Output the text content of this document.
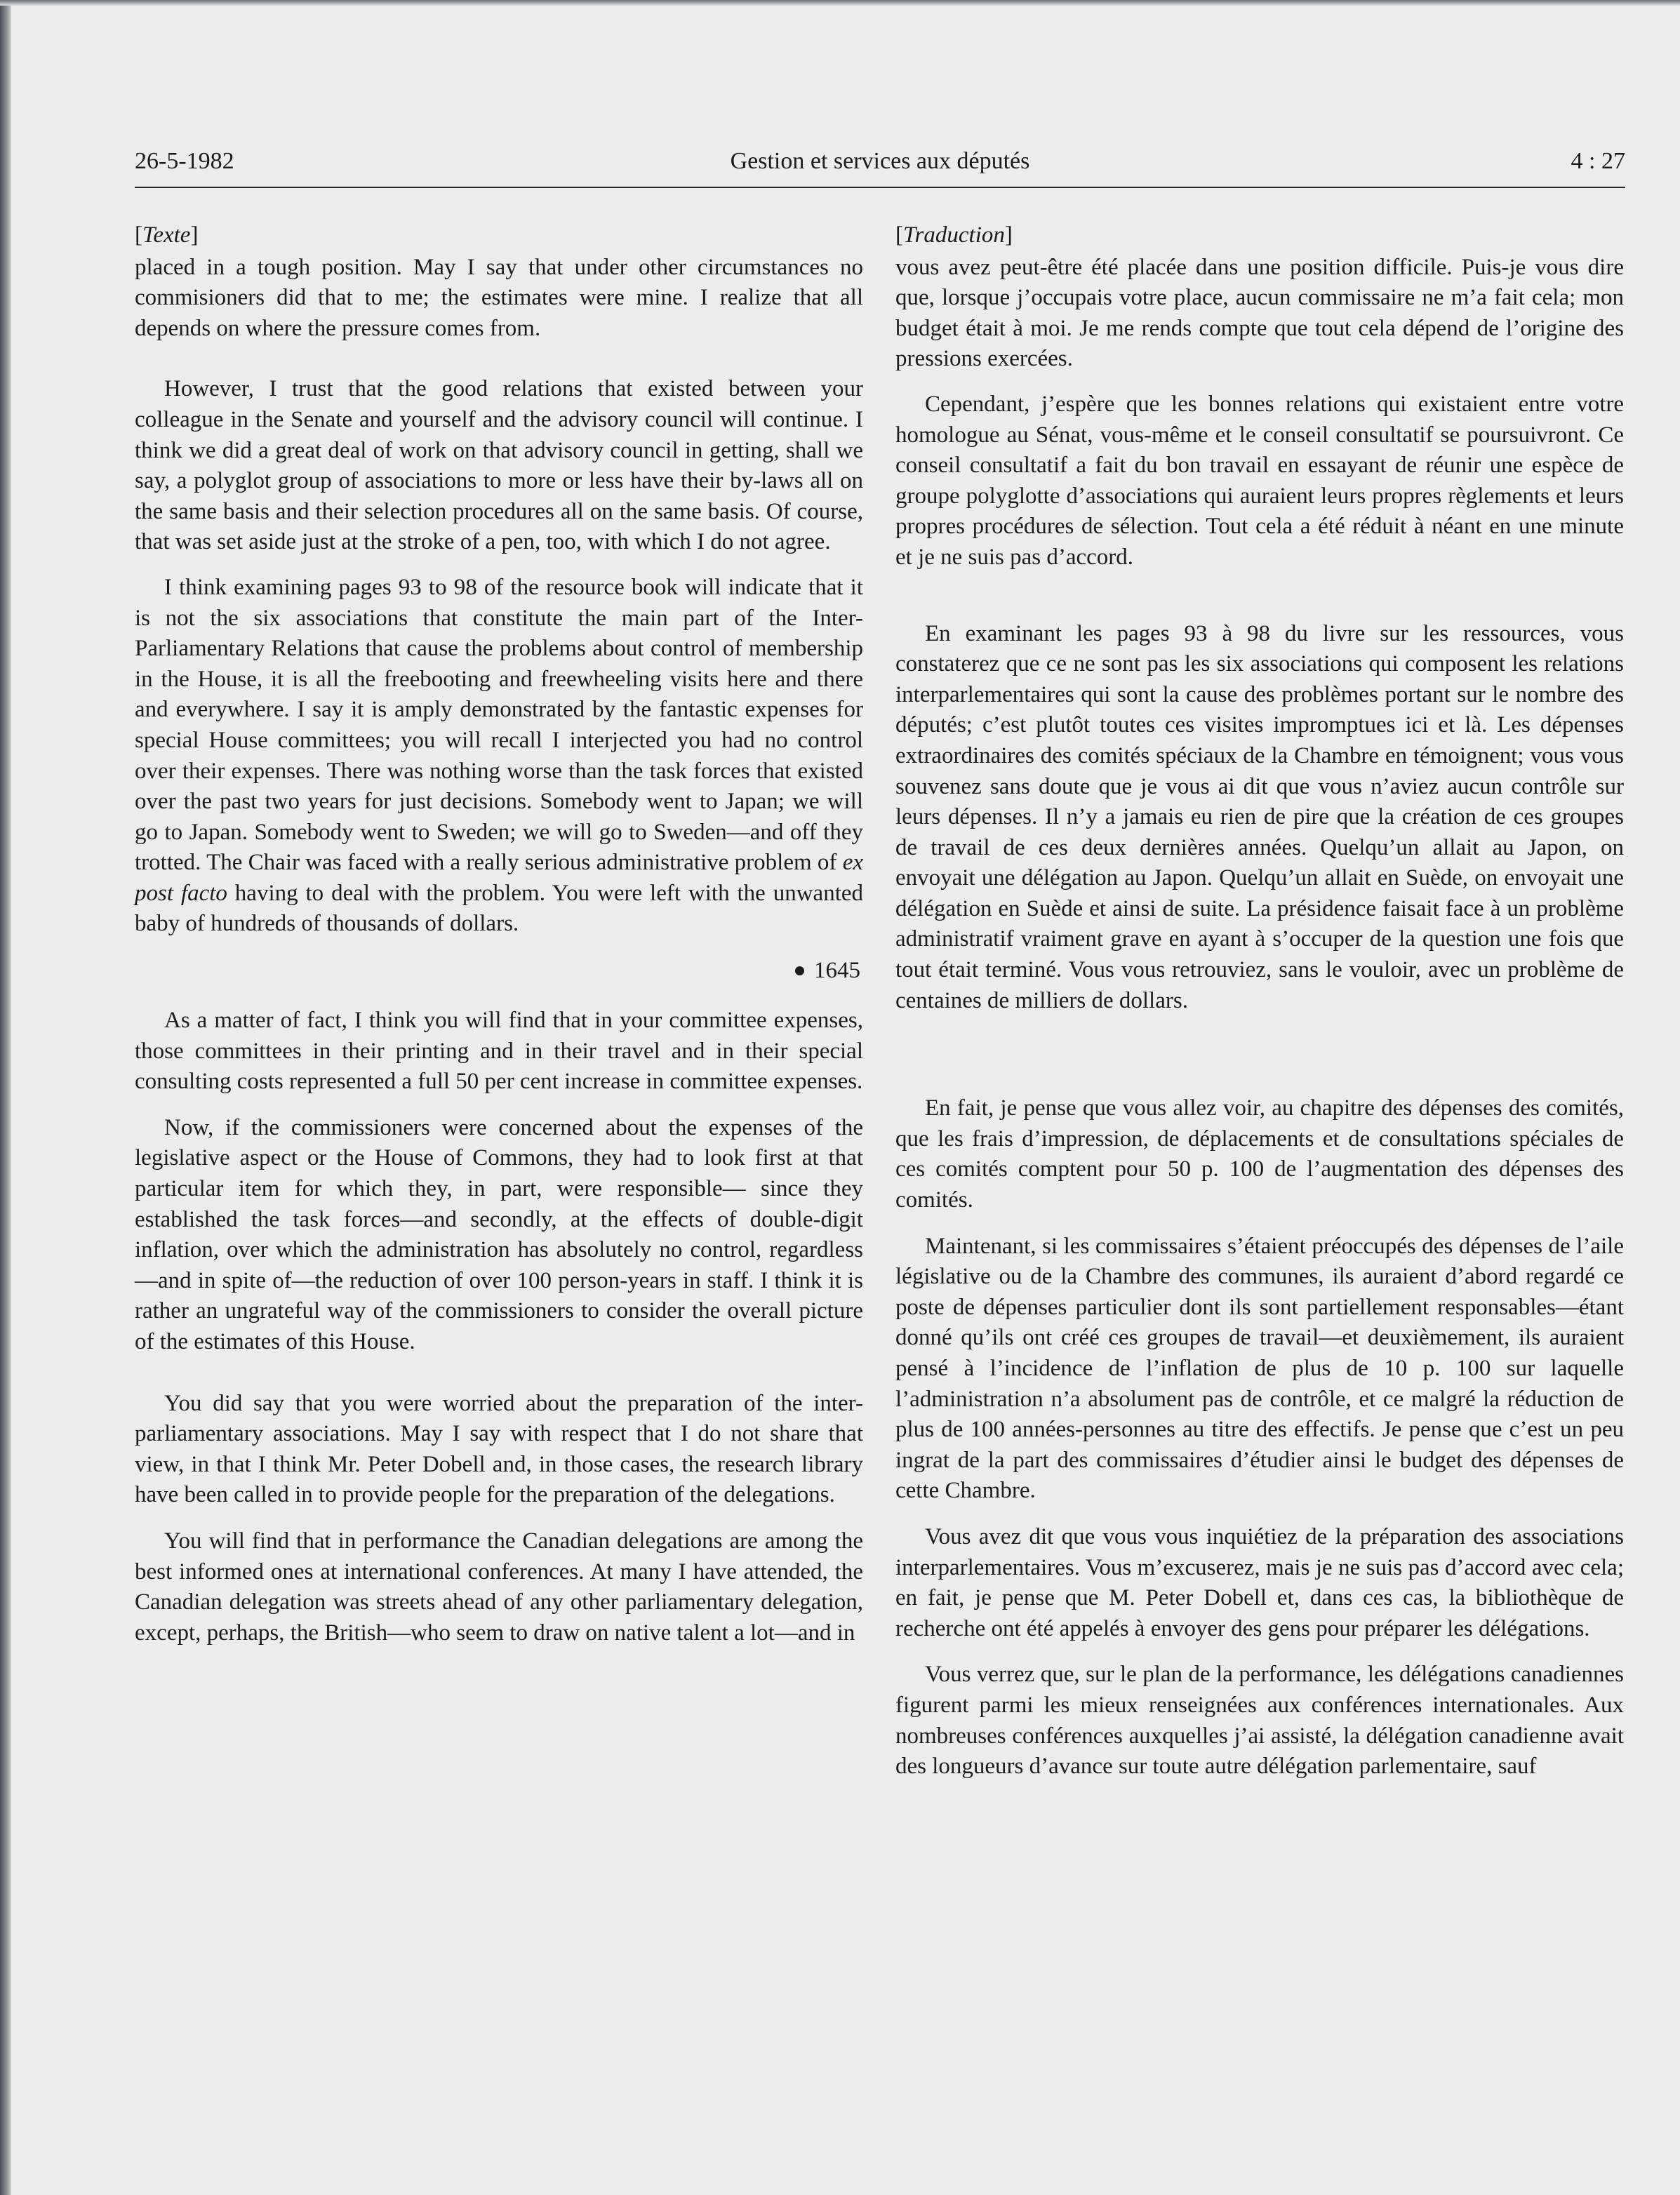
26-5-1982	Gestion et services aux députés	4 : 27
[Texte]

placed in a tough position. May I say that under other circumstances no commisioners did that to me; the estimates were mine. I realize that all depends on where the pressure comes from.

However, I trust that the good relations that existed between your colleague in the Senate and yourself and the advisory council will continue. I think we did a great deal of work on that advisory council in getting, shall we say, a polyglot group of associations to more or less have their by-laws all on the same basis and their selection procedures all on the same basis. Of course, that was set aside just at the stroke of a pen, too, with which I do not agree.

I think examining pages 93 to 98 of the resource book will indicate that it is not the six associations that constitute the main part of the Inter-Parliamentary Relations that cause the problems about control of membership in the House, it is all the freebooting and freewheeling visits here and there and everywhere. I say it is amply demonstrated by the fantastic expenses for special House committees; you will recall I interjected you had no control over their expenses. There was nothing worse than the task forces that existed over the past two years for just decisions. Somebody went to Japan; we will go to Japan. Somebody went to Sweden; we will go to Sweden—and off they trotted. The Chair was faced with a really serious administrative problem of ex post facto having to deal with the problem. You were left with the unwanted baby of hundreds of thousands of dollars.

1645

As a matter of fact, I think you will find that in your committee expenses, those committees in their printing and in their travel and in their special consulting costs represented a full 50 per cent increase in committee expenses.

Now, if the commissioners were concerned about the expenses of the legislative aspect or the House of Commons, they had to look first at that particular item for which they, in part, were responsible— since they established the task forces—and secondly, at the effects of double-digit inflation, over which the administration has absolutely no control, regardless—and in spite of—the reduction of over 100 person-years in staff. I think it is rather an ungrateful way of the commissioners to consider the overall picture of the estimates of this House.

You did say that you were worried about the preparation of the inter-parliamentary associations. May I say with respect that I do not share that view, in that I think Mr. Peter Dobell and, in those cases, the research library have been called in to provide people for the preparation of the delegations.

You will find that in performance the Canadian delegations are among the best informed ones at international conferences. At many I have attended, the Canadian delegation was streets ahead of any other parliamentary delegation, except, perhaps, the British—who seem to draw on native talent a lot—and in

[Traduction]

vous avez peut-être été placée dans une position difficile. Puis-je vous dire que, lorsque j’occupais votre place, aucun commissaire ne m’a fait cela; mon budget était à moi. Je me rends compte que tout cela dépend de l’origine des pressions exercées.

Cependant, j’espère que les bonnes relations qui existaient entre votre homologue au Sénat, vous-même et le conseil consultatif se poursuivront. Ce conseil consultatif a fait du bon travail en essayant de réunir une espèce de groupe polyglotte d’associations qui auraient leurs propres règlements et leurs propres procédures de sélection. Tout cela a été réduit à néant en une minute et je ne suis pas d’accord.

En examinant les pages 93 à 98 du livre sur les ressources, vous constaterez que ce ne sont pas les six associations qui composent les relations interparlementaires qui sont la cause des problèmes portant sur le nombre des députés; c’est plutôt toutes ces visites impromptues ici et là. Les dépenses extraordinaires des comités spéciaux de la Chambre en témoignent; vous vous souvenez sans doute que je vous ai dit que vous n’aviez aucun contrôle sur leurs dépenses. Il n’y a jamais eu rien de pire que la création de ces groupes de travail de ces deux dernières années. Quelqu’un allait au Japon, on envoyait une délégation au Japon. Quelqu’un allait en Suède, on envoyait une délégation en Suède et ainsi de suite. La présidence faisait face à un problème administratif vraiment grave en ayant à s’occuper de la question une fois que tout était terminé. Vous vous retrouviez, sans le vouloir, avec un problème de centaines de milliers de dollars.

En fait, je pense que vous allez voir, au chapitre des dépenses des comités, que les frais d’impression, de déplacements et de consultations spéciales de ces comités comptent pour 50 p. 100 de l’augmentation des dépenses des comités.

Maintenant, si les commissaires s’étaient préoccupés des dépenses de l’aile législative ou de la Chambre des communes, ils auraient d’abord regardé ce poste de dépenses particulier dont ils sont partiellement responsables—étant donné qu’ils ont créé ces groupes de travail—et deuxièmement, ils auraient pensé à l’incidence de l’inflation de plus de 10 p. 100 sur laquelle l’administration n’a absolument pas de contrôle, et ce malgré la réduction de plus de 100 années-personnes au titre des effectifs. Je pense que c’est un peu ingrat de la part des commissaires d’étudier ainsi le budget des dépenses de cette Chambre.

Vous avez dit que vous vous inquiétiez de la préparation des associations interparlementaires. Vous m’excuserez, mais je ne suis pas d’accord avec cela; en fait, je pense que M. Peter Dobell et, dans ces cas, la bibliothèque de recherche ont été appelés à envoyer des gens pour préparer les délégations.

Vous verrez que, sur le plan de la performance, les délégations canadiennes figurent parmi les mieux renseignées aux conférences internationales. Aux nombreuses conférences auxquelles j’ai assisté, la délégation canadienne avait des longueurs d’avance sur toute autre délégation parlementaire, sauf
